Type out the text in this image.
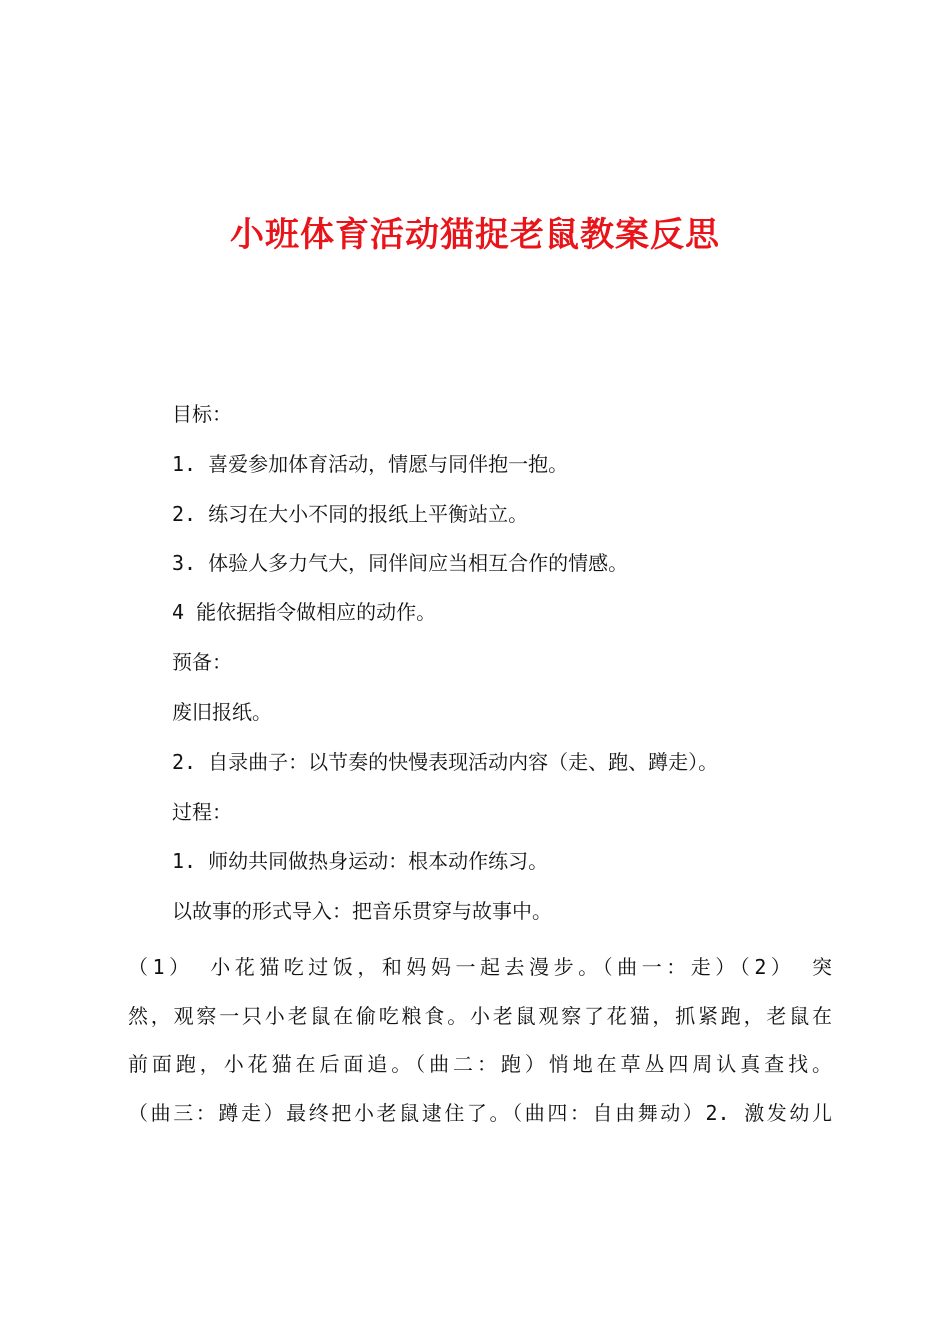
小班体育活动猫捉老鼠教案反思
目标：
1. 喜爱参加体育活动，情愿与同伴抱一抱。
2. 练习在大小不同的报纸上平衡站立。
3. 体验人多力气大，同伴间应当相互合作的情感。
4 能依据指令做相应的动作。
预备：
废旧报纸。
2. 自录曲子：以节奏的快慢表现活动内容（走、跑、蹲走）。
过程：
1. 师幼共同做热身运动：根本动作练习。
以故事的形式导入：把音乐贯穿与故事中。
（1） 小花猫吃过饭，和妈妈一起去漫步。（曲一：走）（2） 突
然，观察一只小老鼠在偷吃粮食。小老鼠观察了花猫，抓紧跑，老鼠在
前面跑，小花猫在后面追。（曲二：跑）悄地在草丛四周认真查找。
（曲三：蹲走）最终把小老鼠逮住了。（曲四：自由舞动）2. 激发幼儿
